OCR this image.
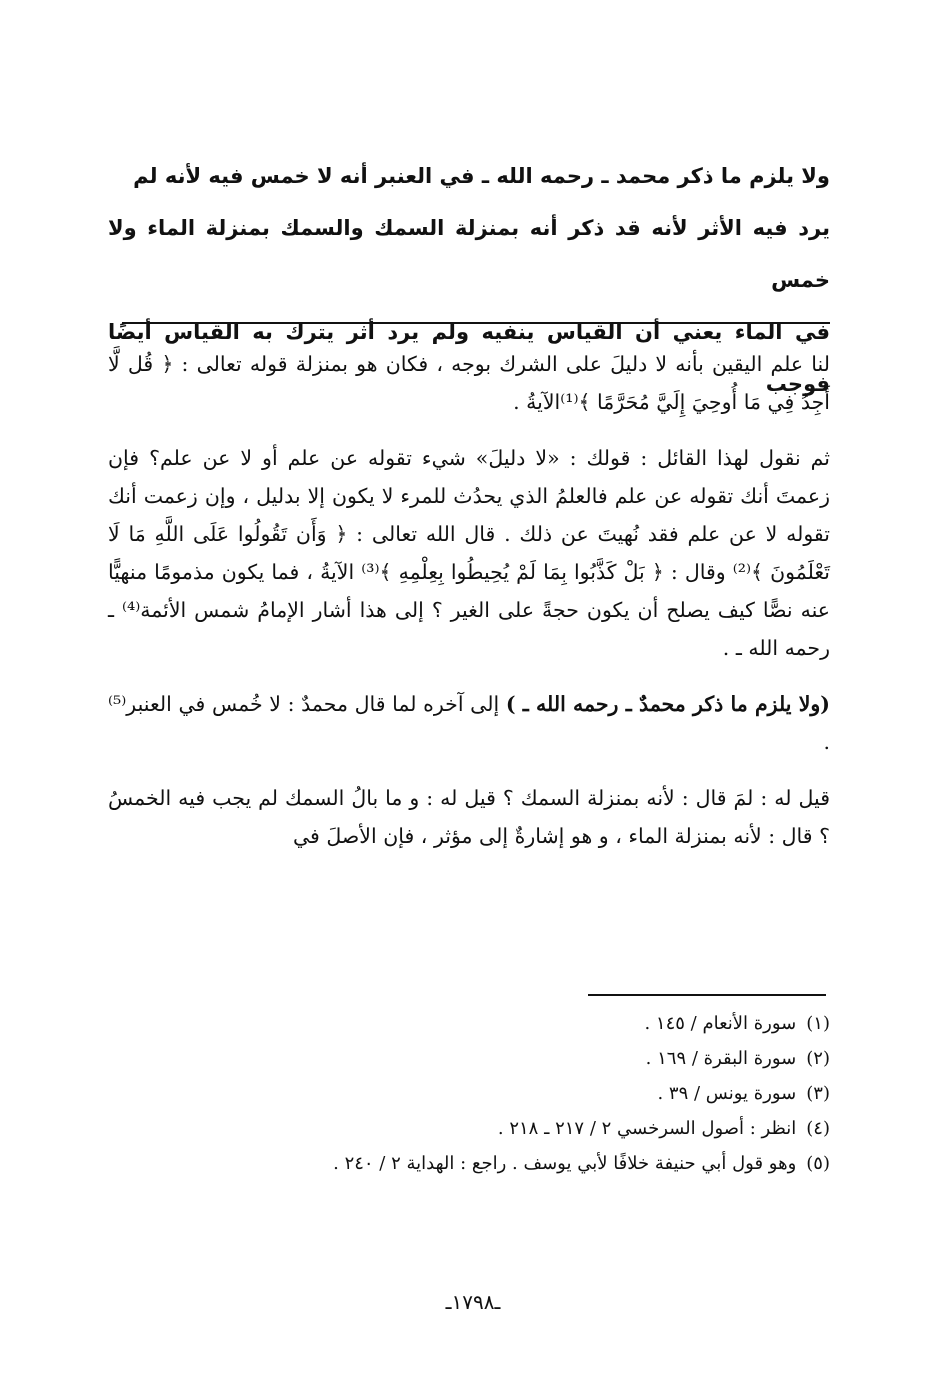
ولا يلزم ما ذكر محمد ـ رحمه الله ـ في العنبر أنه لا خمس فيه لأنه لم

يرد فيه الأثر لأنه قد ذكر أنه بمنزلة السمك والسمك بمنزلة الماء ولا خمس

في الماء يعني أن القياس ينفيه ولم يرد أثر يترك به القياس أيضًا فوجب

لنا علم اليقين بأنه لا دليلَ على الشرك بوجه ، فكان هو بمنزلة قوله تعالى : ﴿ قُل لَّا أَجِدُ فِي مَا أُوحِيَ إِلَيَّ مُحَرَّمًا ﴾⁽¹⁾الآيةُ .

ثم نقول لهذا القائل : قولك : «لا دليلَ» شيء تقوله عن علم أو لا عن علم؟ فإن زعمتَ أنك تقوله عن علم فالعلمُ الذي يحدُث للمرء لا يكون إلا بدليل ، وإن زعمت أنك تقوله لا عن علم فقد نُهيتَ عن ذلك . قال الله تعالى : ﴿ وَأَن تَقُولُوا عَلَى اللَّهِ مَا لَا تَعْلَمُونَ ﴾⁽²⁾ وقال : ﴿ بَلْ كَذَّبُوا بِمَا لَمْ يُحِيطُوا بِعِلْمِهِ ﴾⁽³⁾ الآيةُ ، فما يكون مذمومًا منهيًّا عنه نصًّا كيف يصلح أن يكون حجةً على الغير ؟ إلى هذا أشار الإمامُ شمس الأئمة⁽⁴⁾ ـ رحمه الله ـ .

(ولا يلزم ما ذكر محمدٌ ـ رحمه الله ـ ) إلى آخره لما قال محمدٌ : لا خُمس في العنبر⁽⁵⁾ .

قيل له : لمَ قال : لأنه بمنزلة السمك ؟ قيل له : و ما بالُ السمك لم يجب فيه الخمسُ ؟ قال : لأنه بمنزلة الماء ، و هو إشارةٌ إلى مؤثر ، فإن الأصلَ في

(١)سورة الأنعام / ١٤٥ .
(٢)سورة البقرة / ١٦٩ .
(٣)سورة يونس / ٣٩ .
(٤)انظر : أصول السرخسي ٢ / ٢١٧ ـ ٢١٨ .
(٥)وهو قول أبي حنيفة خلافًا لأبي يوسف . راجع : الهداية ٢ / ٢٤٠ .
ـ١٧٩٨ـ
